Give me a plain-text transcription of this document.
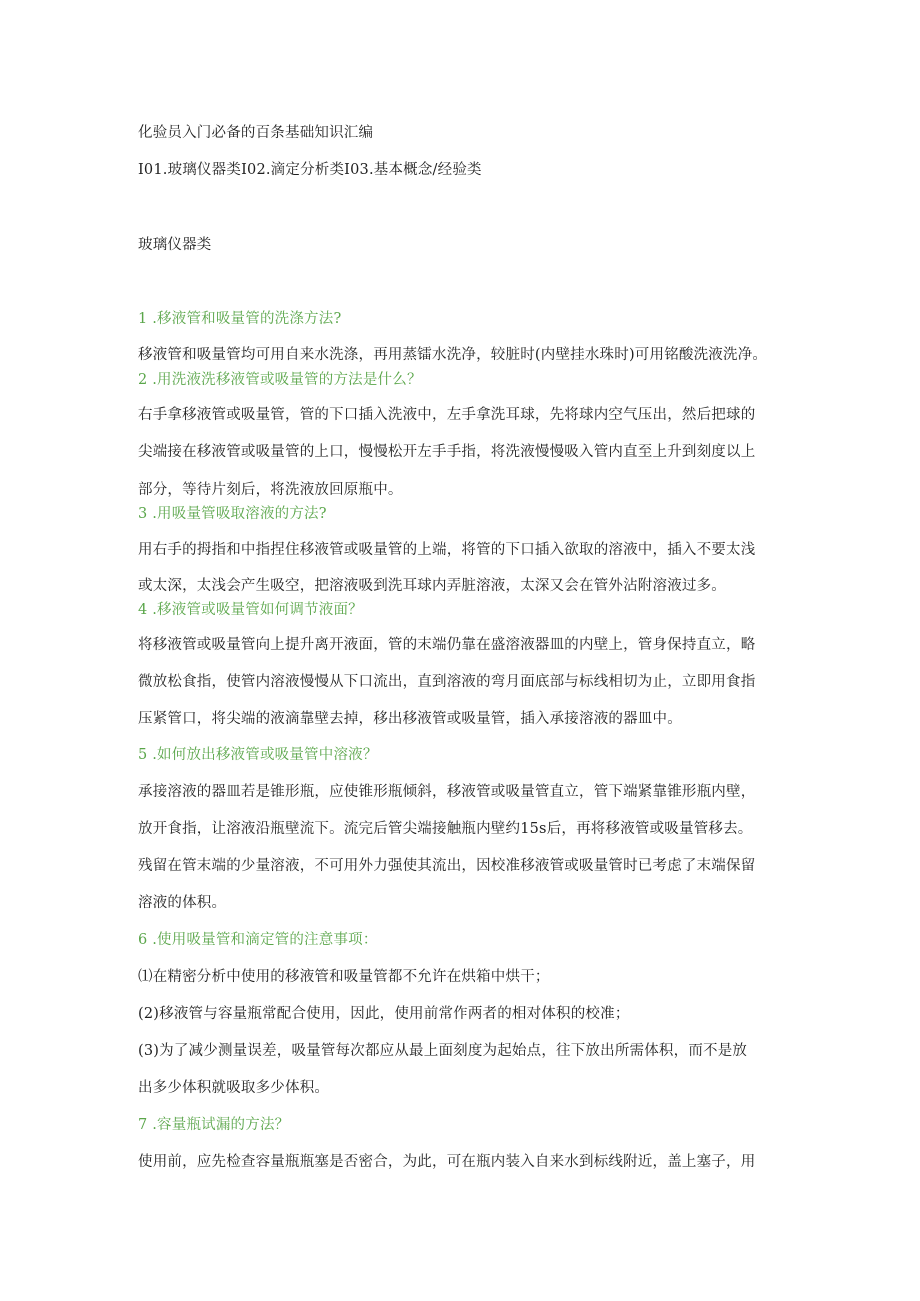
化验员入门必备的百条基础知识汇编
I01.玻璃仪器类I02.滴定分析类I03.基本概念/经验类
玻璃仪器类
1 .移液管和吸量管的洗涤方法?
移液管和吸量管均可用自来水洗涤，再用蒸镭水洗净，较脏时(内壁挂水珠时)可用铭酸洗液洗净。
2 .用洗液洗移液管或吸量管的方法是什么？
右手拿移液管或吸量管，管的下口插入洗液中，左手拿洗耳球，先将球内空气压出，然后把球的
尖端接在移液管或吸量管的上口，慢慢松开左手手指，将洗液慢慢吸入管内直至上升到刻度以上
部分，等待片刻后，将洗液放回原瓶中。
3 .用吸量管吸取溶液的方法?
用右手的拇指和中指捏住移液管或吸量管的上端，将管的下口插入欲取的溶液中，插入不要太浅
或太深，太浅会产生吸空，把溶液吸到洗耳球内弄脏溶液，太深又会在管外沾附溶液过多。
4 .移液管或吸量管如何调节液面？
将移液管或吸量管向上提升离开液面，管的末端仍靠在盛溶液器皿的内壁上，管身保持直立，略
微放松食指，使管内溶液慢慢从下口流出，直到溶液的弯月面底部与标线相切为止，立即用食指
压紧管口，将尖端的液滴靠壁去掉，移出移液管或吸量管，插入承接溶液的器皿中。
5 .如何放出移液管或吸量管中溶液？
承接溶液的器皿若是锥形瓶，应使锥形瓶倾斜，移液管或吸量管直立，管下端紧靠锥形瓶内壁，
放开食指，让溶液沿瓶壁流下。流完后管尖端接触瓶内壁约15s后，再将移液管或吸量管移去。
残留在管末端的少量溶液，不可用外力强使其流出，因校准移液管或吸量管时已考虑了末端保留
溶液的体积。
6 .使用吸量管和滴定管的注意事项：
⑴在精密分析中使用的移液管和吸量管都不允许在烘箱中烘干；
(2)移液管与容量瓶常配合使用，因此，使用前常作两者的相对体积的校准；
(3)为了减少测量误差，吸量管每次都应从最上面刻度为起始点，往下放出所需体积，而不是放
出多少体积就吸取多少体积。
7 .容量瓶试漏的方法？
使用前，应先检查容量瓶瓶塞是否密合，为此，可在瓶内装入自来水到标线附近，盖上塞子，用
